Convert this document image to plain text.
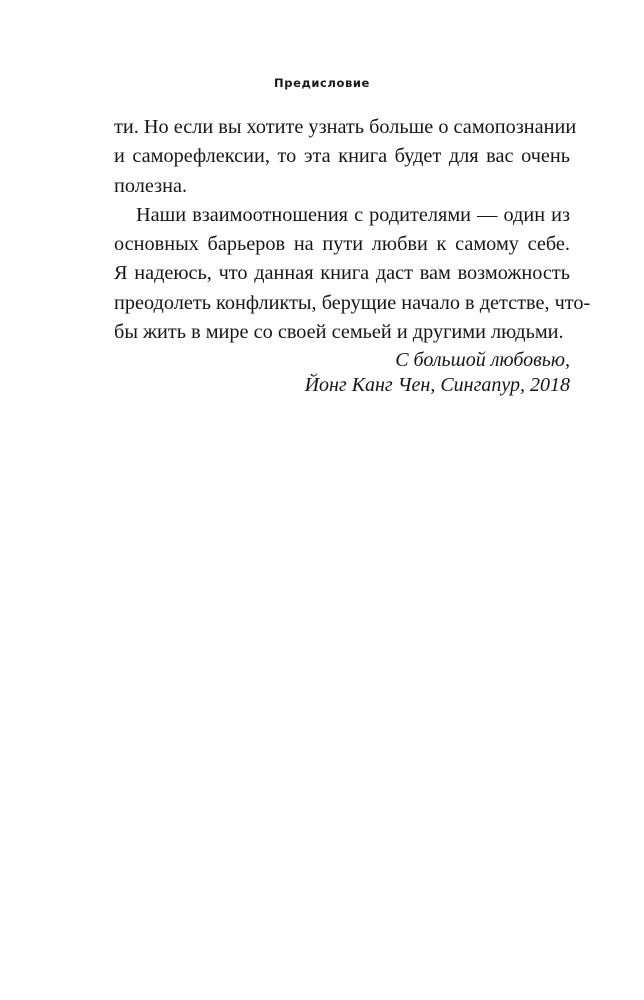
Предисловие
ти. Но если вы хотите узнать больше о самопознании
и саморефлексии, то эта книга будет для вас очень
полезна.
Наши взаимоотношения с родителями — один из
основных барьеров на пути любви к самому себе.
Я надеюсь, что данная книга даст вам возможность
преодолеть конфликты, берущие начало в детстве, что-
бы жить в мире со своей семьей и другими людьми.
С большой любовью,
Йонг Канг Чен, Сингапур, 2018
